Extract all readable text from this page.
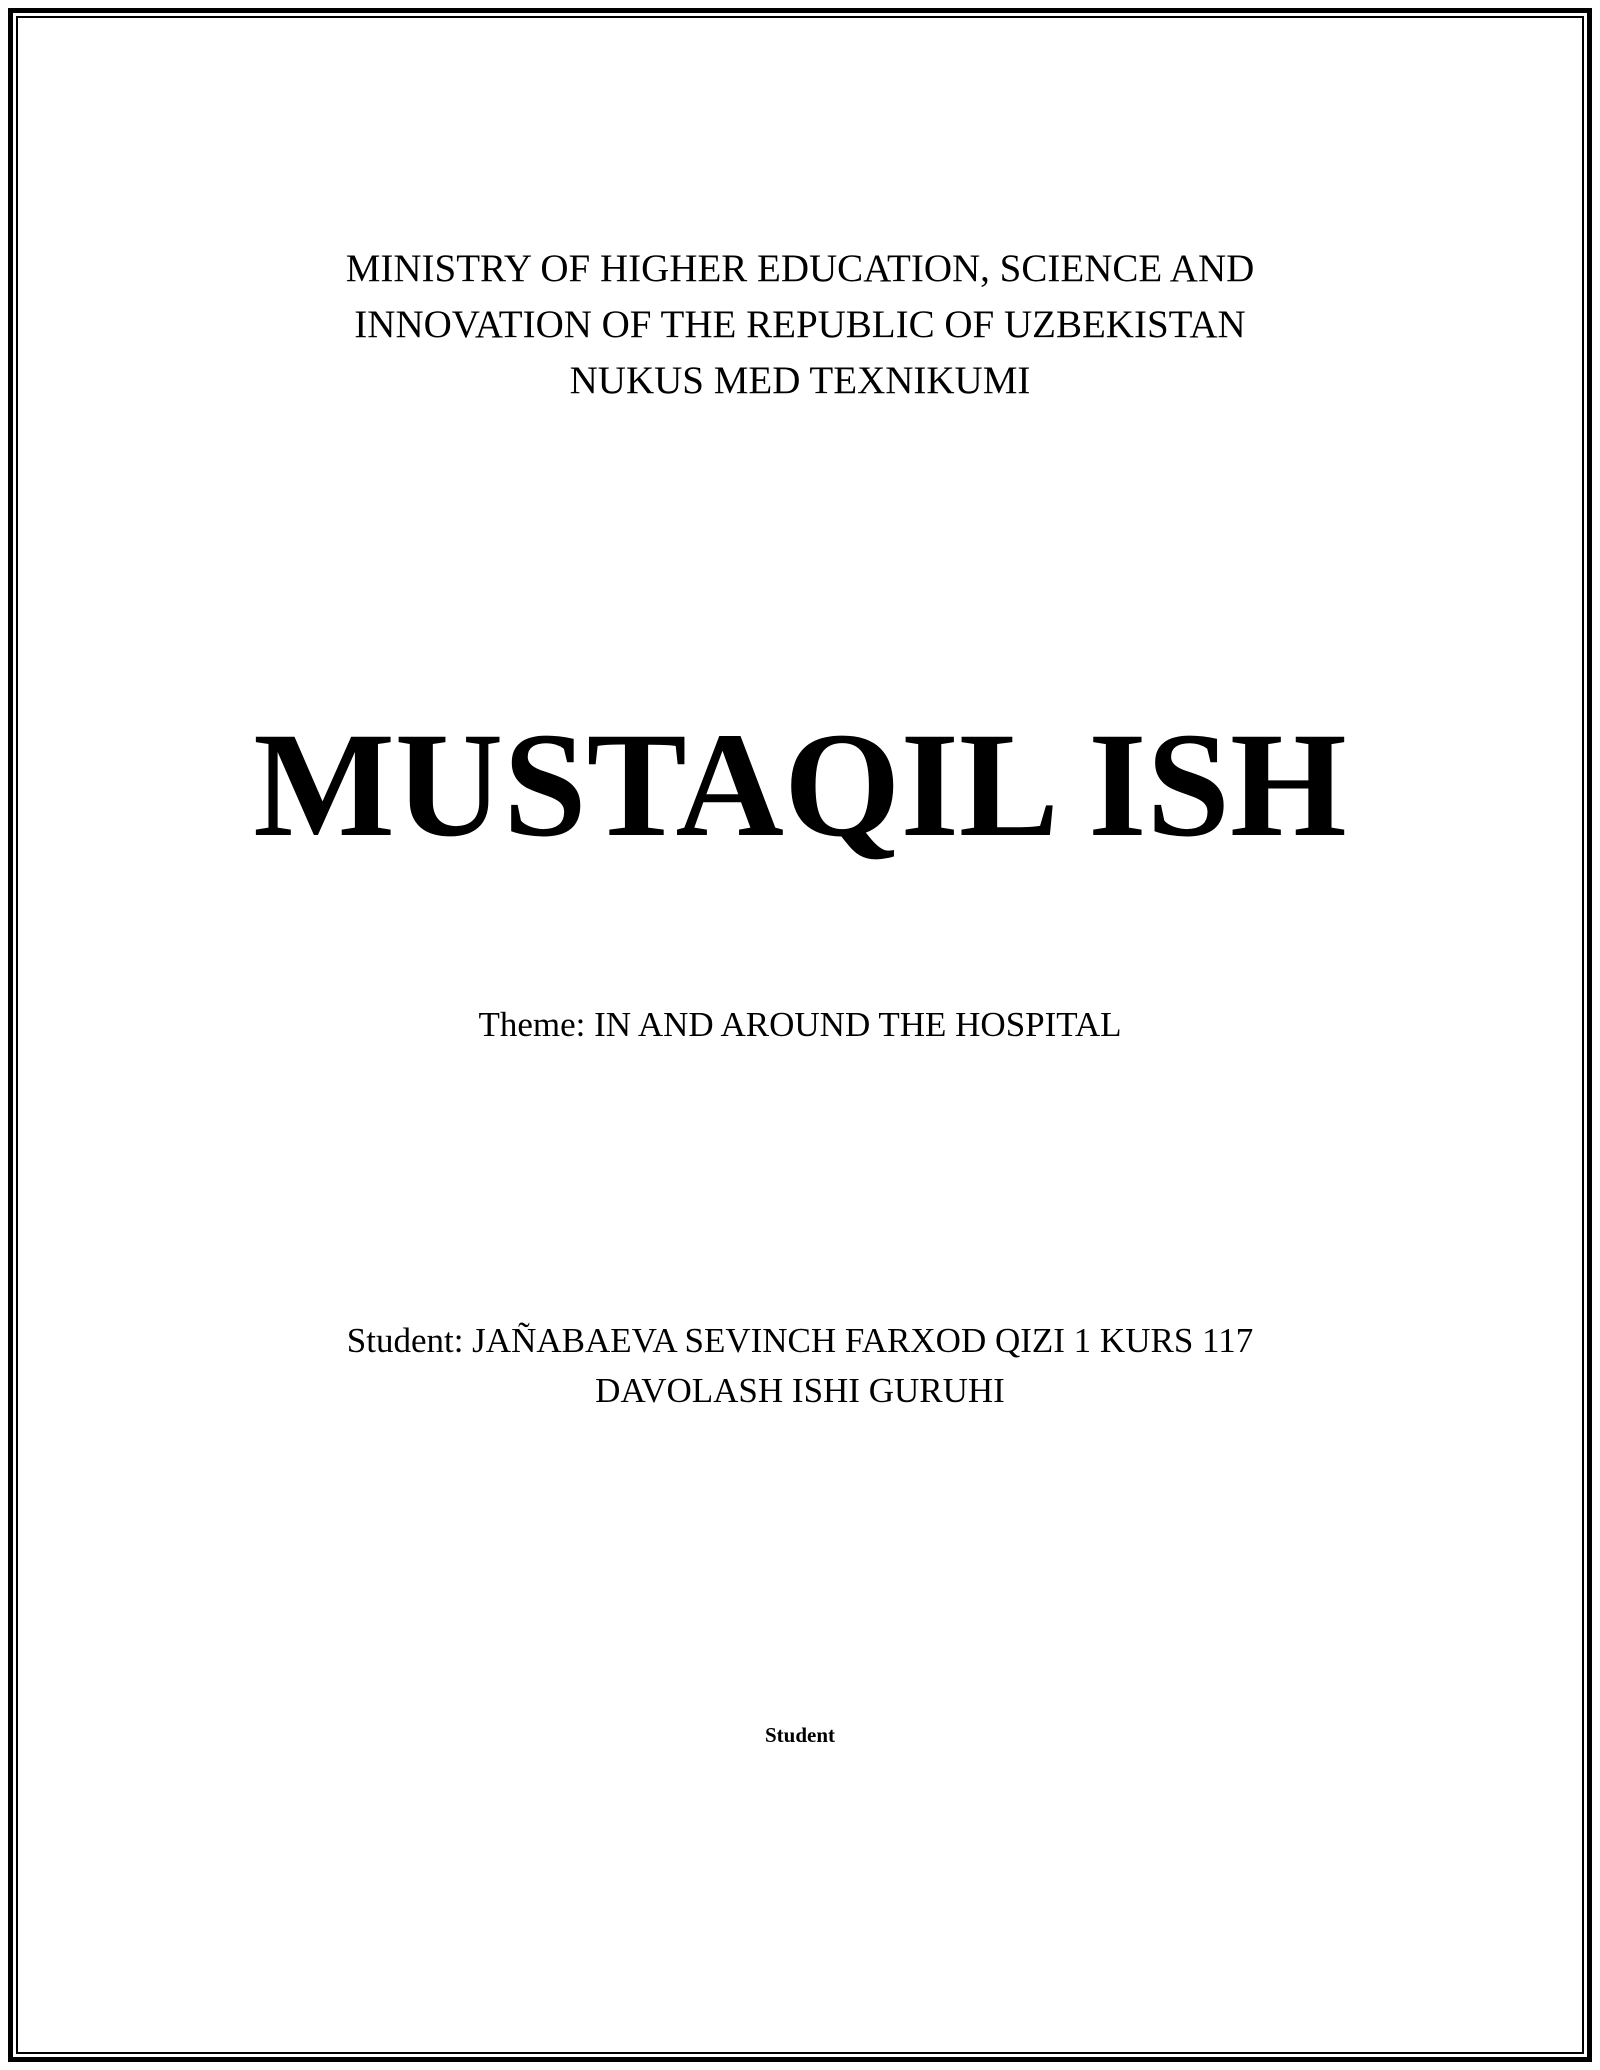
MINISTRY OF HIGHER EDUCATION, SCIENCE AND
INNOVATION OF THE REPUBLIC OF UZBEKISTAN
NUKUS MED TEXNIKUMI
MUSTAQIL ISH
Theme: IN AND AROUND THE HOSPITAL
Student: JAÑABAEVA SEVINCH FARXOD QIZI 1 KURS 117
DAVOLASH ISHI GURUHI
Student
